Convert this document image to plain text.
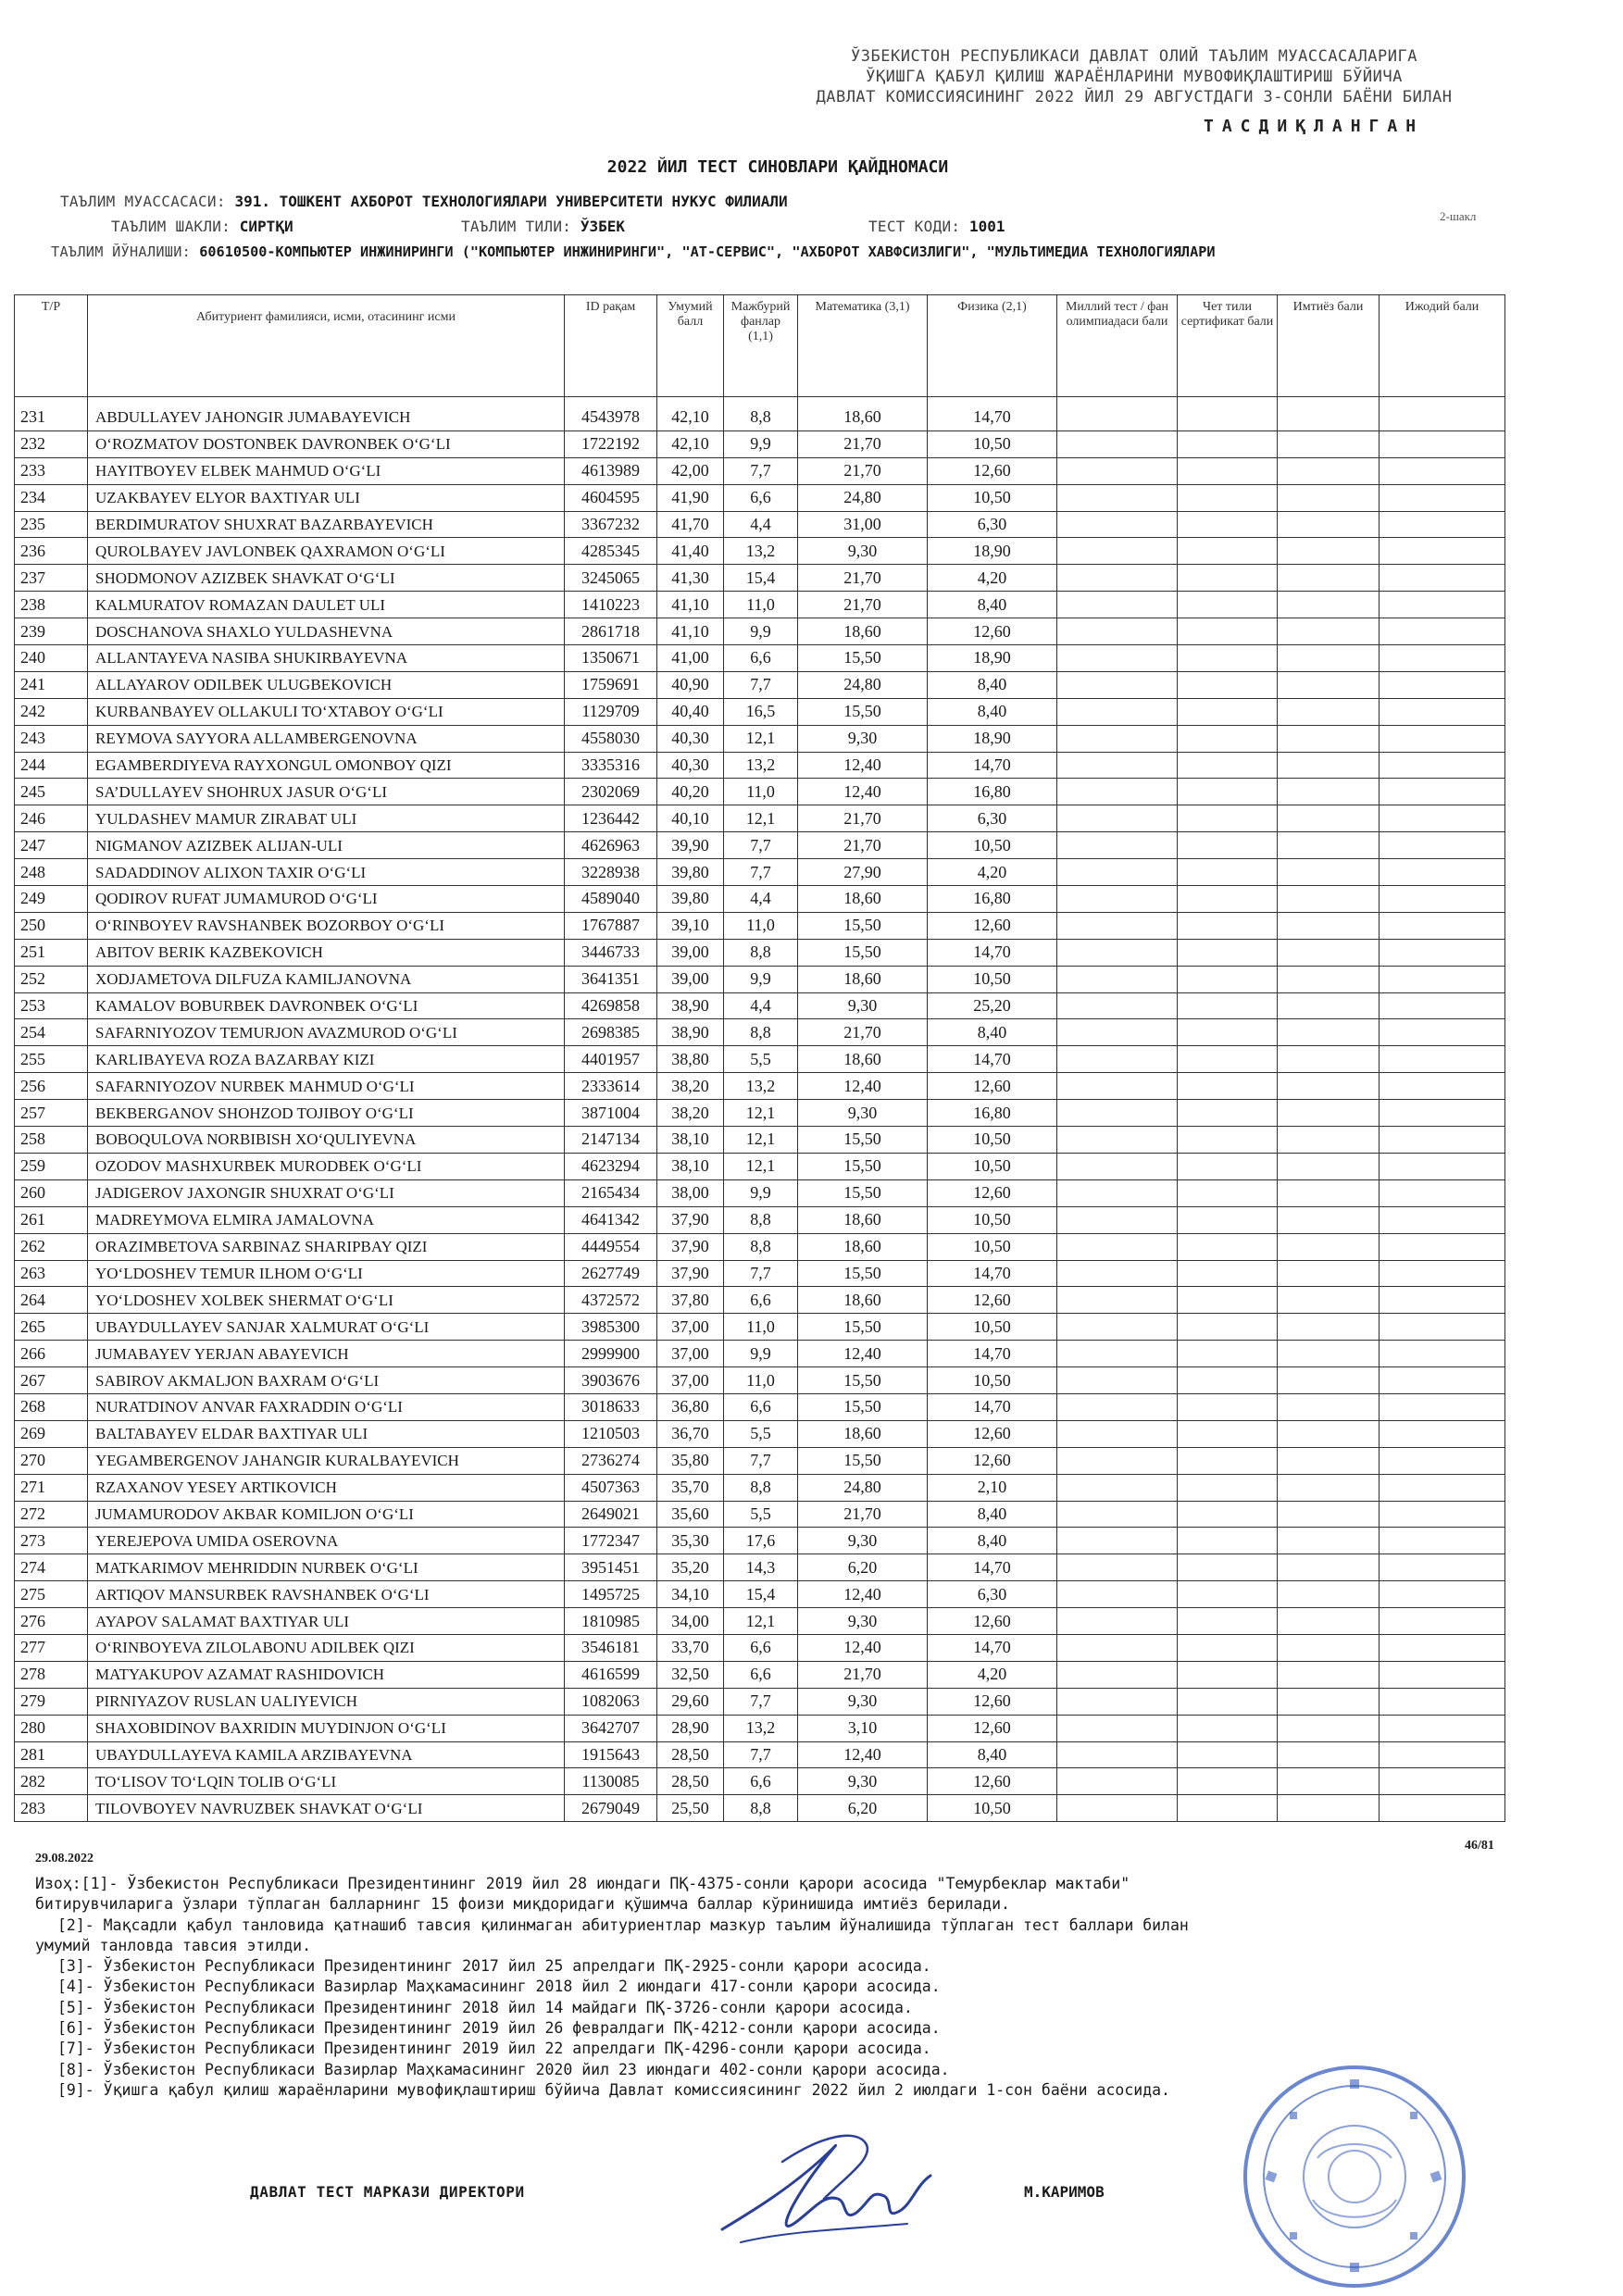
ЎЗБЕКИСТОН РЕСПУБЛИКАСИ ДАВЛАТ ОЛИЙ ТАЪЛИМ МУАССАСАЛАРИГА
ЎҚИШГА ҚАБУЛ ҚИЛИШ ЖАРАЁНЛАРИНИ МУВОФИҚЛАШТИРИШ БЎЙИЧА
ДАВЛАТ КОМИССИЯСИНИНГ 2022 ЙИЛ 29 АВГУСТДАГИ 3-СОНЛИ БАЁНИ БИЛАН
ТАСДИҚЛАНГАН
2022 ЙИЛ ТЕСТ СИНОВЛАРИ ҚАЙДНОМАСИ
ТАЪЛИМ МУАССАСАСИ: 391. ТОШКЕНТ АХБОРОТ ТЕХНОЛОГИЯЛАРИ УНИВЕРСИТЕТИ НУКУС ФИЛИАЛИ
ТАЪЛИМ ШАКЛИ: СИРТҚИ	ТАЪЛИМ ТИЛИ: ЎЗБЕК	ТЕСТ КОДИ: 1001
2-шакл
ТАЪЛИМ ЙЎНАЛИШИ: 60610500-КОМПЬЮТЕР ИНЖИНИРИНГИ ("КОМПЬЮТЕР ИНЖИНИРИНГИ", "АТ-СЕРВИС", "АХБОРОТ ХАВФСИЗЛИГИ", "МУЛЬТИМЕДИА ТЕХНОЛОГИЯЛАРИ
Т/Р	Абитуриент фамилияси, исми, отасининг исми	ID рақам	Умумий балл	Мажбурий фанлар (1,1)	Математика (3,1)	Физика (2,1)	Миллий тест / фан олимпиадаси бали	Чет тили сертификат бали	Имтиёз бали	Ижодий бали
231	ABDULLAYEV JAHONGIR JUMABAYEVICH	4543978	42,10	8,8	18,60	14,70				
232	O‘ROZMATOV DOSTONBEK DAVRONBEK O‘G‘LI	1722192	42,10	9,9	21,70	10,50				
233	HAYITBOYEV ELBEK MAHMUD O‘G‘LI	4613989	42,00	7,7	21,70	12,60				
234	UZAKBAYEV ELYOR BAXTIYAR ULI	4604595	41,90	6,6	24,80	10,50				
235	BERDIMURATOV SHUXRAT BAZARBAYEVICH	3367232	41,70	4,4	31,00	6,30				
236	QUROLBAYEV JAVLONBEK QAXRAMON O‘G‘LI	4285345	41,40	13,2	9,30	18,90				
237	SHODMONOV AZIZBEK SHAVKAT O‘G‘LI	3245065	41,30	15,4	21,70	4,20				
238	KALMURATOV ROMAZAN DAULET ULI	1410223	41,10	11,0	21,70	8,40				
239	DOSCHANOVA SHAXLO YULDASHEVNA	2861718	41,10	9,9	18,60	12,60				
240	ALLANTAYEVA NASIBA SHUKIRBAYEVNA	1350671	41,00	6,6	15,50	18,90				
241	ALLAYAROV ODILBEK ULUGBEKOVICH	1759691	40,90	7,7	24,80	8,40				
242	KURBANBAYEV OLLAKULI TO‘XTABOY O‘G‘LI	1129709	40,40	16,5	15,50	8,40				
243	REYMOVA SAYYORA ALLAMBERGENOVNA	4558030	40,30	12,1	9,30	18,90				
244	EGAMBERDIYEVA RAYXONGUL OMONBOY QIZI	3335316	40,30	13,2	12,40	14,70				
245	SA’DULLAYEV SHOHRUX JASUR O‘G‘LI	2302069	40,20	11,0	12,40	16,80				
246	YULDASHEV MAMUR ZIRABAT ULI	1236442	40,10	12,1	21,70	6,30				
247	NIGMANOV AZIZBEK ALIJAN-ULI	4626963	39,90	7,7	21,70	10,50				
248	SADADDINOV ALIXON TAXIR O‘G‘LI	3228938	39,80	7,7	27,90	4,20				
249	QODIROV RUFAT JUMAMUROD O‘G‘LI	4589040	39,80	4,4	18,60	16,80				
250	O‘RINBOYEV RAVSHANBEK BOZORBOY O‘G‘LI	1767887	39,10	11,0	15,50	12,60				
251	ABITOV BERIK KAZBEKOVICH	3446733	39,00	8,8	15,50	14,70				
252	XODJAMETOVA DILFUZA KAMILJANOVNA	3641351	39,00	9,9	18,60	10,50				
253	KAMALOV BOBURBEK DAVRONBEK O‘G‘LI	4269858	38,90	4,4	9,30	25,20				
254	SAFARNIYOZOV TEMURJON AVAZMUROD O‘G‘LI	2698385	38,90	8,8	21,70	8,40				
255	KARLIBAYEVA ROZA BAZARBAY KIZI	4401957	38,80	5,5	18,60	14,70				
256	SAFARNIYOZOV NURBEK MAHMUD O‘G‘LI	2333614	38,20	13,2	12,40	12,60				
257	BEKBERGANOV SHOHZOD TOJIBOY O‘G‘LI	3871004	38,20	12,1	9,30	16,80				
258	BOBOQULOVA NORBIBISH XO‘QULIYEVNA	2147134	38,10	12,1	15,50	10,50				
259	OZODOV MASHXURBEK MURODBEK O‘G‘LI	4623294	38,10	12,1	15,50	10,50				
260	JADIGEROV JAXONGIR SHUXRAT O‘G‘LI	2165434	38,00	9,9	15,50	12,60				
261	MADREYMOVA ELMIRA JAMALOVNA	4641342	37,90	8,8	18,60	10,50				
262	ORAZIMBETOVA SARBINAZ SHARIPBAY QIZI	4449554	37,90	8,8	18,60	10,50				
263	YO‘LDOSHEV TEMUR ILHOM O‘G‘LI	2627749	37,90	7,7	15,50	14,70				
264	YO‘LDOSHEV XOLBEK SHERMAT O‘G‘LI	4372572	37,80	6,6	18,60	12,60				
265	UBAYDULLAYEV SANJAR XALMURAT O‘G‘LI	3985300	37,00	11,0	15,50	10,50				
266	JUMABAYEV YERJAN ABAYEVICH	2999900	37,00	9,9	12,40	14,70				
267	SABIROV AKMALJON BAXRAM O‘G‘LI	3903676	37,00	11,0	15,50	10,50				
268	NURATDINOV ANVAR FAXRADDIN O‘G‘LI	3018633	36,80	6,6	15,50	14,70				
269	BALTABAYEV ELDAR BAXTIYAR ULI	1210503	36,70	5,5	18,60	12,60				
270	YEGAMBERGENOV JAHANGIR KURALBAYEVICH	2736274	35,80	7,7	15,50	12,60				
271	RZAXANOV YESEY ARTIKOVICH	4507363	35,70	8,8	24,80	2,10				
272	JUMAMURODOV AKBAR KOMILJON O‘G‘LI	2649021	35,60	5,5	21,70	8,40				
273	YEREJEPOVA UMIDA OSEROVNA	1772347	35,30	17,6	9,30	8,40				
274	MATKARIMOV MEHRIDDIN NURBEK O‘G‘LI	3951451	35,20	14,3	6,20	14,70				
275	ARTIQOV MANSURBEK RAVSHANBEK O‘G‘LI	1495725	34,10	15,4	12,40	6,30				
276	AYAPOV SALAMAT BAXTIYAR ULI	1810985	34,00	12,1	9,30	12,60				
277	O‘RINBOYEVA ZILOLABONU ADILBEK QIZI	3546181	33,70	6,6	12,40	14,70				
278	MATYAKUPOV AZAMAT RASHIDOVICH	4616599	32,50	6,6	21,70	4,20				
279	PIRNIYAZOV RUSLAN UALIYEVICH	1082063	29,60	7,7	9,30	12,60				
280	SHAXOBIDINOV BAXRIDIN MUYDINJON O‘G‘LI	3642707	28,90	13,2	3,10	12,60				
281	UBAYDULLAYEVA KAMILA ARZIBAYEVNA	1915643	28,50	7,7	12,40	8,40				
282	TO‘LISOV TO‘LQIN TOLIB O‘G‘LI	1130085	28,50	6,6	9,30	12,60				
283	TILOVBOYEV NAVRUZBEK SHAVKAT O‘G‘LI	2679049	25,50	8,8	6,20	10,50				
46/81
29.08.2022
Изоҳ:[1]- Ўзбекистон Республикаси Президентининг 2019 йил 28 июндаги ПҚ-4375-сонли қарори асосида "Темурбеклар мактаби"
битирувчиларига ўзлари тўплаган балларнинг 15 фоизи миқдоридаги қўшимча баллар кўринишида имтиёз берилади.
[2]- Мақсадли қабул танловида қатнашиб тавсия қилинмаган абитуриентлар мазкур таълим йўналишида тўплаган тест баллари билан
умумий танловда тавсия этилди.
[3]- Ўзбекистон Республикаси Президентининг 2017 йил 25 апрелдаги ПҚ-2925-сонли қарори асосида.
[4]- Ўзбекистон Республикаси Вазирлар Маҳкамасининг 2018 йил 2 июндаги 417-сонли қарори асосида.
[5]- Ўзбекистон Республикаси Президентининг 2018 йил 14 майдаги ПҚ-3726-сонли қарори асосида.
[6]- Ўзбекистон Республикаси Президентининг 2019 йил 26 февралдаги ПҚ-4212-сонли қарори асосида.
[7]- Ўзбекистон Республикаси Президентининг 2019 йил 22 апрелдаги ПҚ-4296-сонли қарори асосида.
[8]- Ўзбекистон Республикаси Вазирлар Маҳкамасининг 2020 йил 23 июндаги 402-сонли қарори асосида.
[9]- Ўқишга қабул қилиш жараёнларини мувофиқлаштириш бўйича Давлат комиссиясининг 2022 йил 2 июлдаги 1-сон баёни асосида.
ДАВЛАТ ТЕСТ МАРКАЗИ ДИРЕКТОРИ	М.КАРИМОВ
